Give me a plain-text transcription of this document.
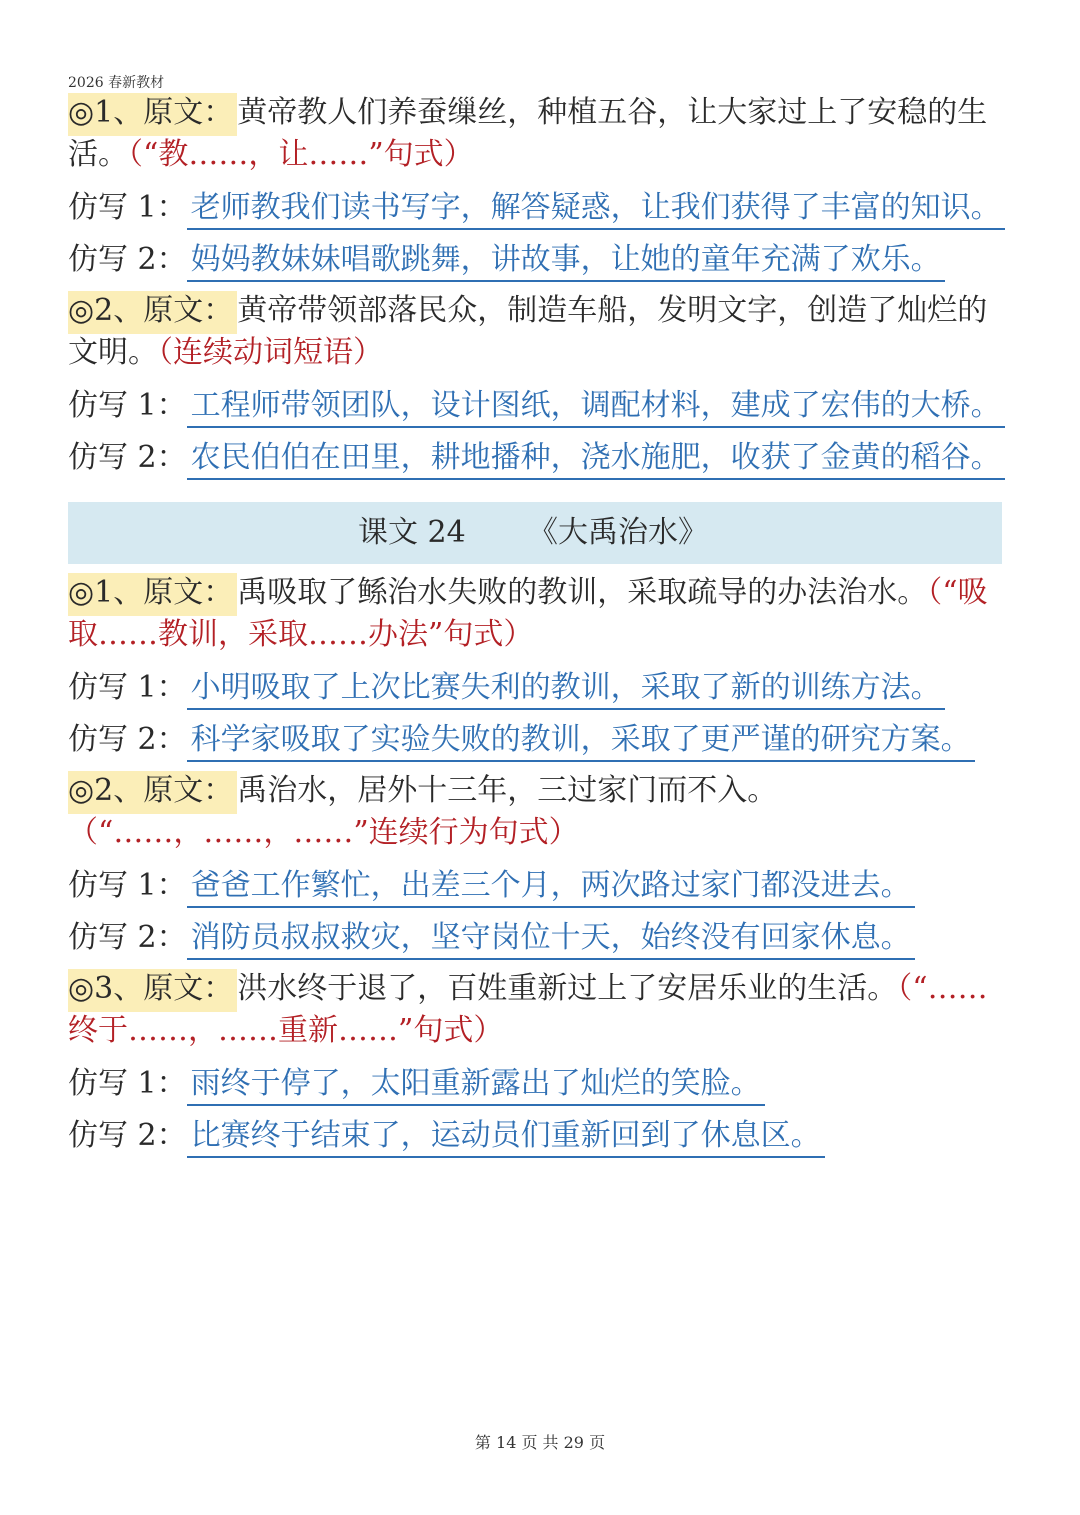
2026 春新教材
◎1、原文： 黄帝教人们养蚕缫丝，种植五谷，让大家过上了安稳的生活。（“教……，让……”句式）
仿写 1： 老师教我们读书写字，解答疑惑，让我们获得了丰富的知识。
仿写 2： 妈妈教妹妹唱歌跳舞，讲故事，让她的童年充满了欢乐。
◎2、原文： 黄帝带领部落民众，制造车船，发明文字，创造了灿烂的文明。（连续动词短语）
仿写 1： 工程师带领团队，设计图纸，调配材料，建成了宏伟的大桥。
仿写 2： 农民伯伯在田里，耕地播种，浇水施肥，收获了金黄的稻谷。
课文 24 《大禹治水》
◎1、原文： 禹吸取了鲧治水失败的教训，采取疏导的办法治水。（“吸取……教训，采取……办法”句式）
仿写 1： 小明吸取了上次比赛失利的教训，采取了新的训练方法。
仿写 2： 科学家吸取了实验失败的教训，采取了更严谨的研究方案。
◎2、原文： 禹治水，居外十三年，三过家门而不入。
（“……，……，……”连续行为句式）
仿写 1： 爸爸工作繁忙，出差三个月，两次路过家门都没进去。
仿写 2： 消防员叔叔救灾，坚守岗位十天，始终没有回家休息。
◎3、原文： 洪水终于退了，百姓重新过上了安居乐业的生活。（“……终于……，……重新……”句式）
仿写 1： 雨终于停了，太阳重新露出了灿烂的笑脸。
仿写 2： 比赛终于结束了，运动员们重新回到了休息区。
第 14 页 共 29 页
